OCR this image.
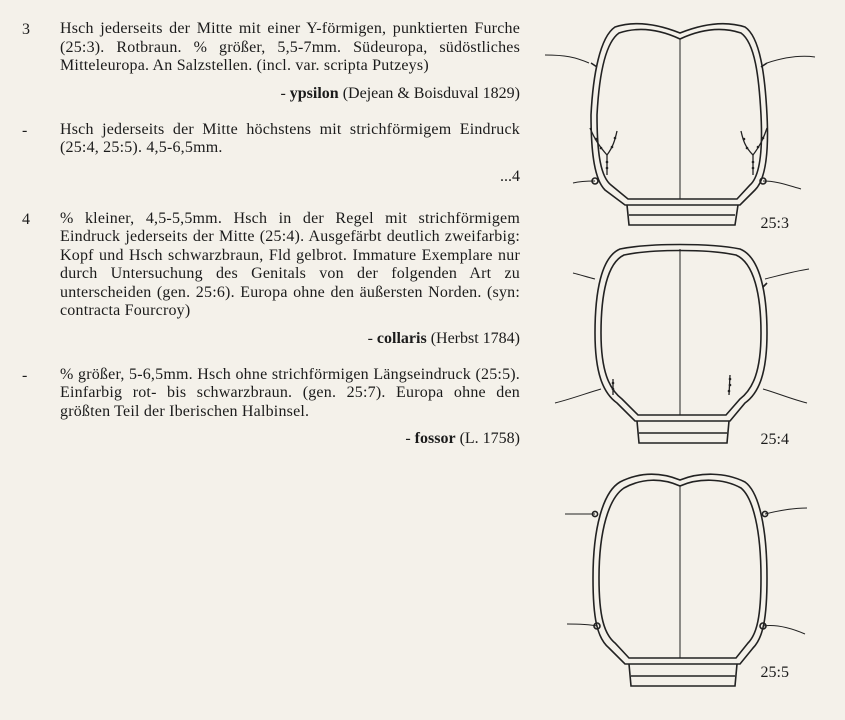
3 Hsch jederseits der Mitte mit einer Y-förmigen, punktierten Furche (25:3). Rotbraun. % größer, 5,5-7mm. Südeuropa, südöstliches Mitteleuropa. An Salzstellen. (incl. var. scripta Putzeys)
- ypsilon (Dejean & Boisduval 1829)
- Hsch jederseits der Mitte höchstens mit strichförmigem Eindruck (25:4, 25:5). 4,5-6,5mm.
...4
4 % kleiner, 4,5-5,5mm. Hsch in der Regel mit strichförmigem Eindruck jederseits der Mitte (25:4). Ausgefärbt deutlich zweifarbig: Kopf und Hsch schwarzbraun, Fld gelbrot. Immature Exemplare nur durch Untersuchung des Genitals von der folgenden Art zu unterscheiden (gen. 25:6). Europa ohne den äußersten Norden. (syn: contracta Fourcroy)
- collaris (Herbst 1784)
- % größer, 5-6,5mm. Hsch ohne strichförmigen Längseindruck (25:5). Einfarbig rot- bis schwarzbraun. (gen. 25:7). Europa ohne den größten Teil der Iberischen Halbinsel.
- fossor (L. 1758)
25:3
25:4
25:5
